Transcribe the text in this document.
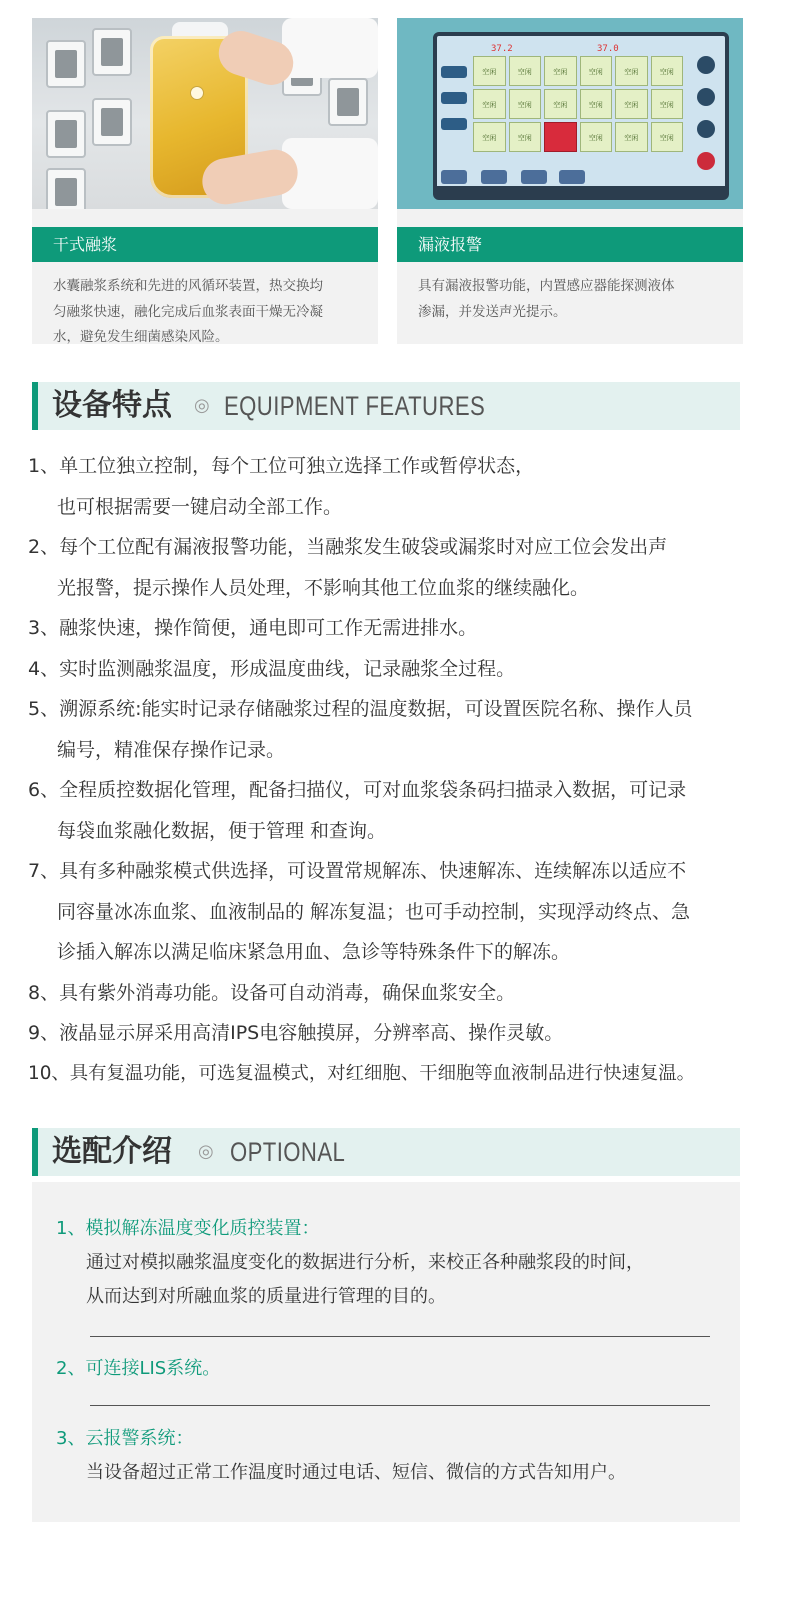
干式融浆
水囊融浆系统和先进的风循环装置，热交换均
匀融浆快速，融化完成后血浆表面干燥无冷凝
水，避免发生细菌感染风险。
37.2	37.0
空闲	空闲	空闲	空闲	空闲	空闲
空闲	空闲	空闲	空闲	空闲	空闲
空闲	空闲	空闲	空闲	空闲
漏液报警
具有漏液报警功能，内置感应器能探测液体
渗漏，并发送声光提示。
设备特点 ◎ EQUIPMENT FEATURES
1、单工位独立控制，每个工位可独立选择工作或暂停状态，
也可根据需要一键启动全部工作。
2、每个工位配有漏液报警功能，当融浆发生破袋或漏浆时对应工位会发出声
光报警，提示操作人员处理，不影响其他工位血浆的继续融化。
3、融浆快速，操作简便，通电即可工作无需进排水。
4、实时监测融浆温度，形成温度曲线，记录融浆全过程。
5、溯源系统:能实时记录存储融浆过程的温度数据，可设置医院名称、操作人员
编号，精准保存操作记录。
6、全程质控数据化管理，配备扫描仪，可对血浆袋条码扫描录入数据，可记录
每袋血浆融化数据，便于管理 和查询。
7、具有多种融浆模式供选择，可设置常规解冻、快速解冻、连续解冻以适应不
同容量冰冻血浆、血液制品的 解冻复温；也可手动控制，实现浮动终点、急
诊插入解冻以满足临床紧急用血、急诊等特殊条件下的解冻。
8、具有紫外消毒功能。设备可自动消毒，确保血浆安全。
9、液晶显示屏采用高清IPS电容触摸屏，分辨率高、操作灵敏。
10、具有复温功能，可选复温模式，对红细胞、干细胞等血液制品进行快速复温。
选配介绍 ◎ OPTIONAL
1、模拟解冻温度变化质控装置：
通过对模拟融浆温度变化的数据进行分析，来校正各种融浆段的时间，
从而达到对所融血浆的质量进行管理的目的。
2、可连接LIS系统。
3、云报警系统：
当设备超过正常工作温度时通过电话、短信、微信的方式告知用户。
